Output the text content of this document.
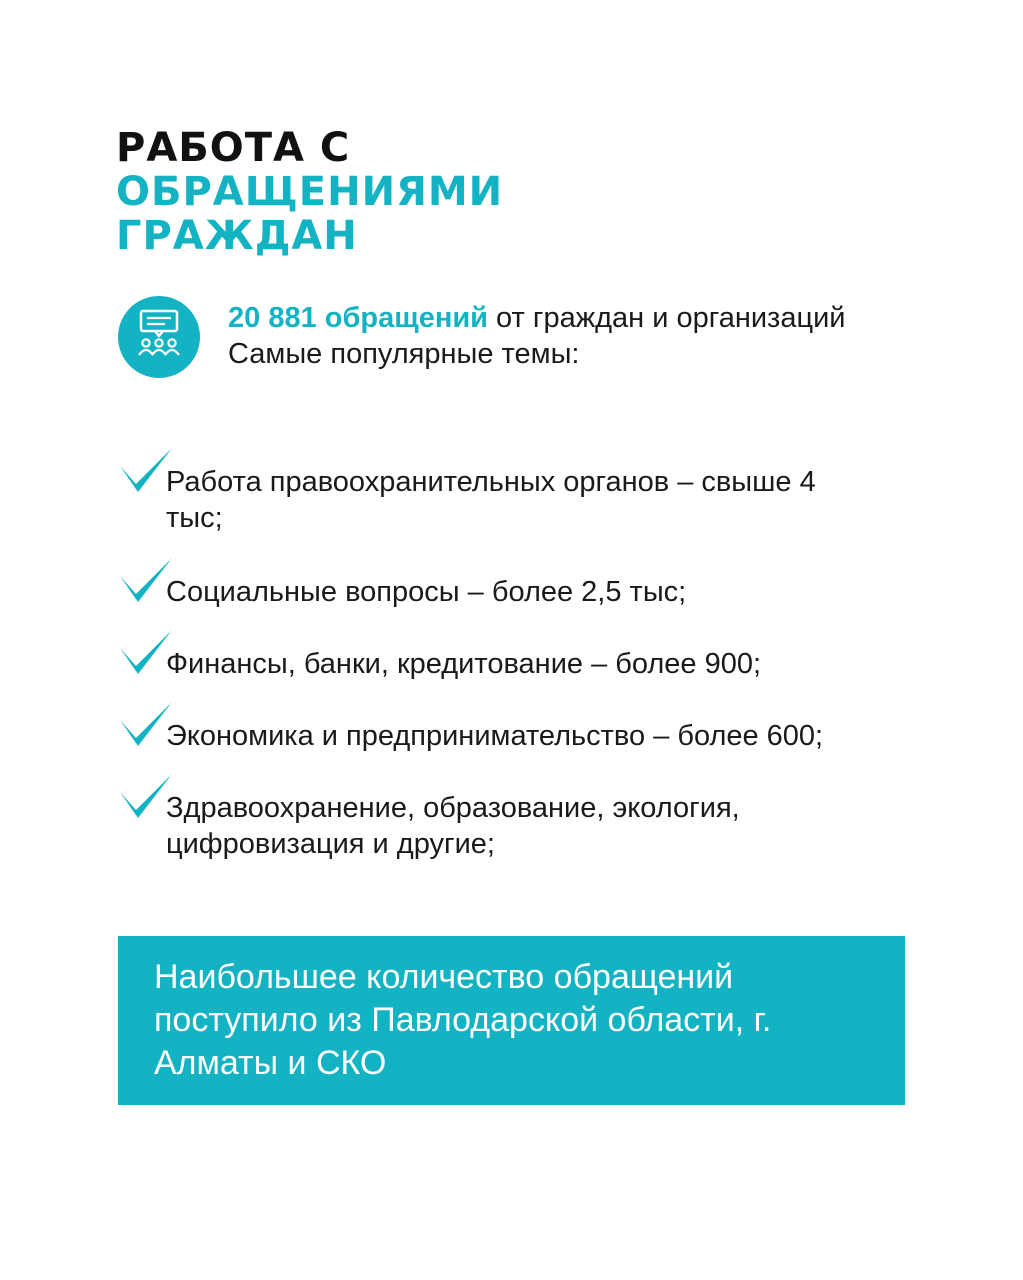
РАБОТА С
ОБРАЩЕНИЯМИ
ГРАЖДАН
20 881 обращений от граждан и организаций
Самые популярные темы:
Работа правоохранительных органов – свыше 4 тыс;
Социальные вопросы – более 2,5 тыс;
Финансы, банки, кредитование – более 900;
Экономика и предпринимательство – более 600;
Здравоохранение, образование, экология, цифровизация и другие;
Наибольшее количество обращений поступило из Павлодарской области, г. Алматы и СКО
